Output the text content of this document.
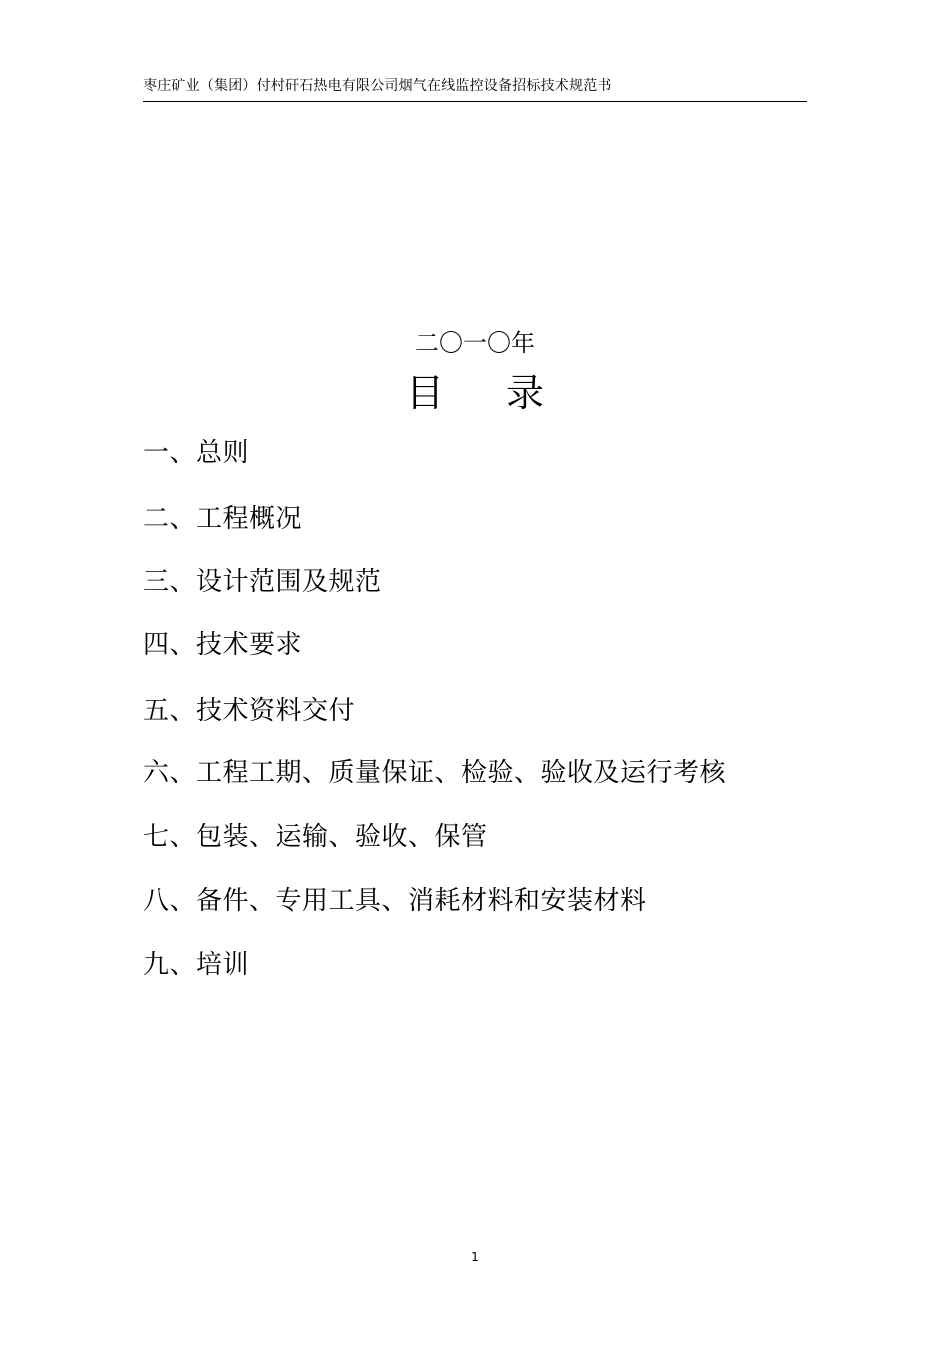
枣庄矿业（集团）付村矸石热电有限公司烟气在线监控设备招标技术规范书
二〇一〇年
目 录
一、总则
二、工程概况
三、设计范围及规范
四、技术要求
五、技术资料交付
六、工程工期、质量保证、检验、验收及运行考核
七、包装、运输、验收、保管
八、备件、专用工具、消耗材料和安装材料
九、培训
1
